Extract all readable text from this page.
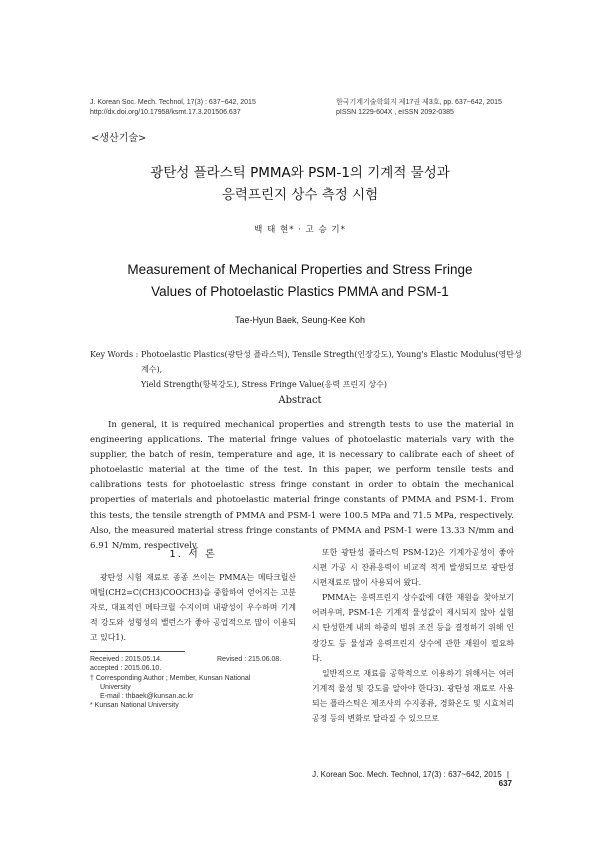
J. Korean Soc. Mech. Technol, 17(3) : 637~642, 2015
http://dx.doi.org/10.17958/ksmt.17.3.201506.637
한국기계기술학회지 제17권 제3호, pp. 637~642, 2015
pISSN 1229-604X , eISSN 2092-0385
<생산기술>
광탄성 플라스틱 PMMA와 PSM-1의 기계적 물성과
응력프린지 상수 측정 시험
백 태 현* · 고 승 기*
Measurement of Mechanical Properties and Stress Fringe
Values of Photoelastic Plastics PMMA and PSM-1
Tae-Hyun Baek, Seung-Kee Koh
Key Words : Photoelastic Plastics(광탄성 플라스틱), Tensile Stregth(인장강도), Young's Elastic Modulus(영탄성 계수),
Yield Strength(항복강도), Stress Fringe Value(응력 프린지 상수)
Abstract

In general, it is required mechanical properties and strength tests to use the material in engineering applications. The material fringe values of photoelastic materials vary with the supplier, the batch of resin, temperature and age, it is necessary to calibrate each of sheet of photoelastic material at the time of the test. In this paper, we perform tensile tests and calibrations tests for photoelastic stress fringe constant in order to obtain the mechanical properties of materials and photoelastic material fringe constants of PMMA and PSM-1. From this tests, the tensile strength of PMMA and PSM-1 were 100.5 MPa and 71.5 MPa, respectively. Also, the measured material stress fringe constants of PMMA and PSM-1 were 13.33 N/mm and 6.91 N/mm, respectively.

1. 서 론

광탄성 시험 재료로 종종 쓰이는 PMMA는 메타크릴산 메틸(CH2=C(CH3)COOCH3)을 중합하여 얻어지는 고분자로, 대표적인 메타크릴 수지이며 내광성이 우수하며 기계적 강도와 성형성의 밸런스가 좋아 공업적으로 많이 이용되고 있다1).

또한 광탄성 플라스틱 PSM-12)은 기계가공성이 좋아 시편 가공 시 잔류응력이 비교적 적게 발생되므로 광탄성 시편재료로 많이 사용되어 왔다.

PMMA는 응력프린지 상수값에 대한 재원을 찾아보기 어려우며, PSM-1은 기계적 물성값이 제시되지 않아 실험시 탄성한계 내의 하중의 범위 조건 등을 결정하기 위해 인장강도 등 물성과 응력프린지 상수에 관한 재원이 필요하다.

일반적으로 재료를 공학적으로 이용하기 위해서는 여러 기계적 물성 및 강도를 알아야 한다3). 광탄성 재료로 사용되는 플라스틱은 제조사의 수지종류, 경화온도 및 시효처리 공정 등의 변화로 달라질 수 있으므로

Received : 2015.05.14.	Revised : 215.06.08.
accepted : 2015.06.10.
† Corresponding Author ; Member, Kunsan National
University
E-mail : thbaek@kunsan.ac.kr
* Kunsan National University
J. Korean Soc. Mech. Technol, 17(3) : 637~642, 2015 | 637
